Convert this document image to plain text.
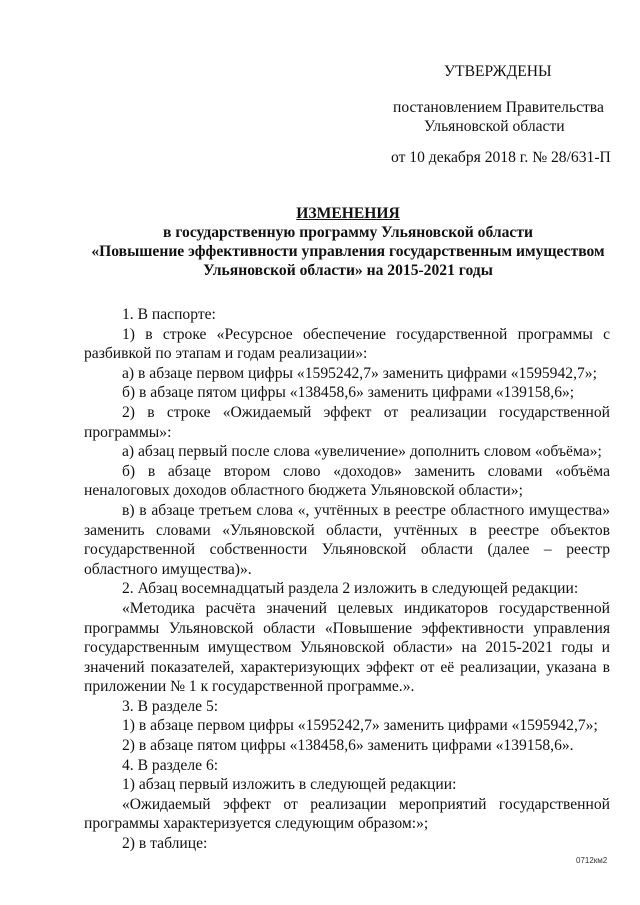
УТВЕРЖДЕНЫ
постановлением Правительства
Ульяновской области
от 10 декабря 2018 г. № 28/631-П
ИЗМЕНЕНИЯ
в государственную программу Ульяновской области
«Повышение эффективности управления государственным имуществом
Ульяновской области» на 2015-2021 годы

1. В паспорте:

1) в строке «Ресурсное обеспечение государственной программы с разбивкой по этапам и годам реализации»:

а) в абзаце первом цифры «1595242,7» заменить цифрами «1595942,7»;

б) в абзаце пятом цифры «138458,6» заменить цифрами «139158,6»;

2) в строке «Ожидаемый эффект от реализации государственной программы»:

а) абзац первый после слова «увеличение» дополнить словом «объёма»;

б) в абзаце втором слово «доходов» заменить словами «объёма неналоговых доходов областного бюджета Ульяновской области»;

в) в абзаце третьем слова «, учтённых в реестре областного имущества» заменить словами «Ульяновской области, учтённых в реестре объектов государственной собственности Ульяновской области (далее – реестр областного имущества)».

2. Абзац восемнадцатый раздела 2 изложить в следующей редакции:

«Методика расчёта значений целевых индикаторов государственной программы Ульяновской области «Повышение эффективности управления государственным имуществом Ульяновской области» на 2015-2021 годы и значений показателей, характеризующих эффект от её реализации, указана в приложении № 1 к государственной программе.».

3. В разделе 5:

1) в абзаце первом цифры «1595242,7» заменить цифрами «1595942,7»;

2) в абзаце пятом цифры «138458,6» заменить цифрами «139158,6».

4. В разделе 6:

1) абзац первый изложить в следующей редакции:

«Ожидаемый эффект от реализации мероприятий государственной программы характеризуется следующим образом:»;

2) в таблице:

0712км2
